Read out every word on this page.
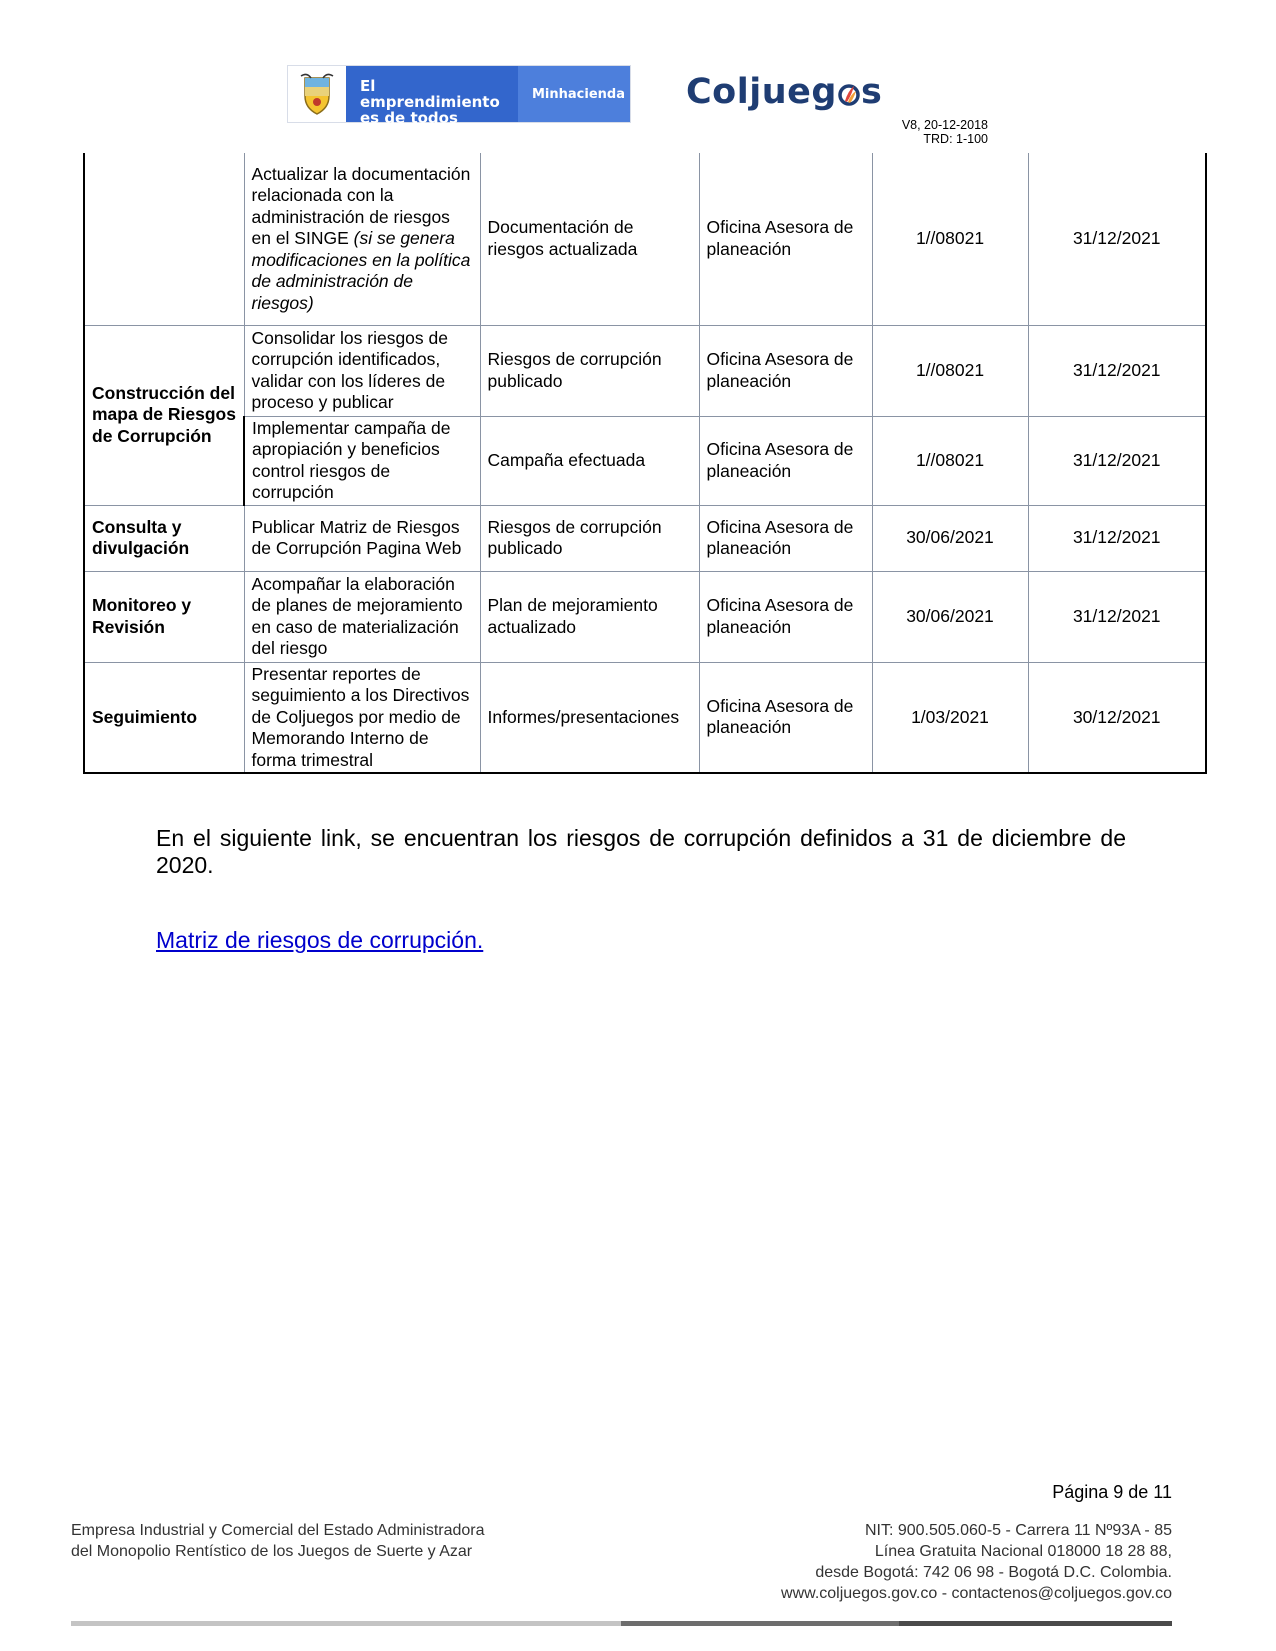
El emprendimiento
es de todos
Minhacienda Coljueg s
V8, 20-12-2018
TRD: 1-100
	Actualizar la documentación relacionada con la administración de riesgos en el SINGE (si se genera modificaciones en la política de administración de riesgos)	Documentación de riesgos actualizada	Oficina Asesora de planeación	1//08021	31/12/2021
Construcción del mapa de Riesgos de Corrupción	Consolidar los riesgos de corrupción identificados, validar con los líderes de proceso y publicar	Riesgos de corrupción publicado	Oficina Asesora de planeación	1//08021	31/12/2021
	Implementar campaña de apropiación y beneficios control riesgos de corrupción	Campaña efectuada	Oficina Asesora de planeación	1//08021	31/12/2021
Consulta y divulgación	Publicar Matriz de Riesgos de Corrupción Pagina Web	Riesgos de corrupción publicado	Oficina Asesora de planeación	30/06/2021	31/12/2021
Monitoreo y Revisión	Acompañar la elaboración de planes de mejoramiento en caso de materialización del riesgo	Plan de mejoramiento actualizado	Oficina Asesora de planeación	30/06/2021	31/12/2021
Seguimiento	Presentar reportes de seguimiento a los Directivos de Coljuegos por medio de Memorando Interno de forma trimestral	Informes/presentaciones	Oficina Asesora de planeación	1/03/2021	30/12/2021
En el siguiente link, se encuentran los riesgos de corrupción definidos a 31 de diciembre de 2020.
Matriz de riesgos de corrupción.
Página 9 de 11
Empresa Industrial y Comercial del Estado Administradora
del Monopolio Rentístico de los Juegos de Suerte y Azar
NIT: 900.505.060-5 - Carrera 11 Nº93A - 85
Línea Gratuita Nacional 018000 18 28 88,
desde Bogotá: 742 06 98 - Bogotá D.C. Colombia.
www.coljuegos.gov.co - contactenos@coljuegos.gov.co
